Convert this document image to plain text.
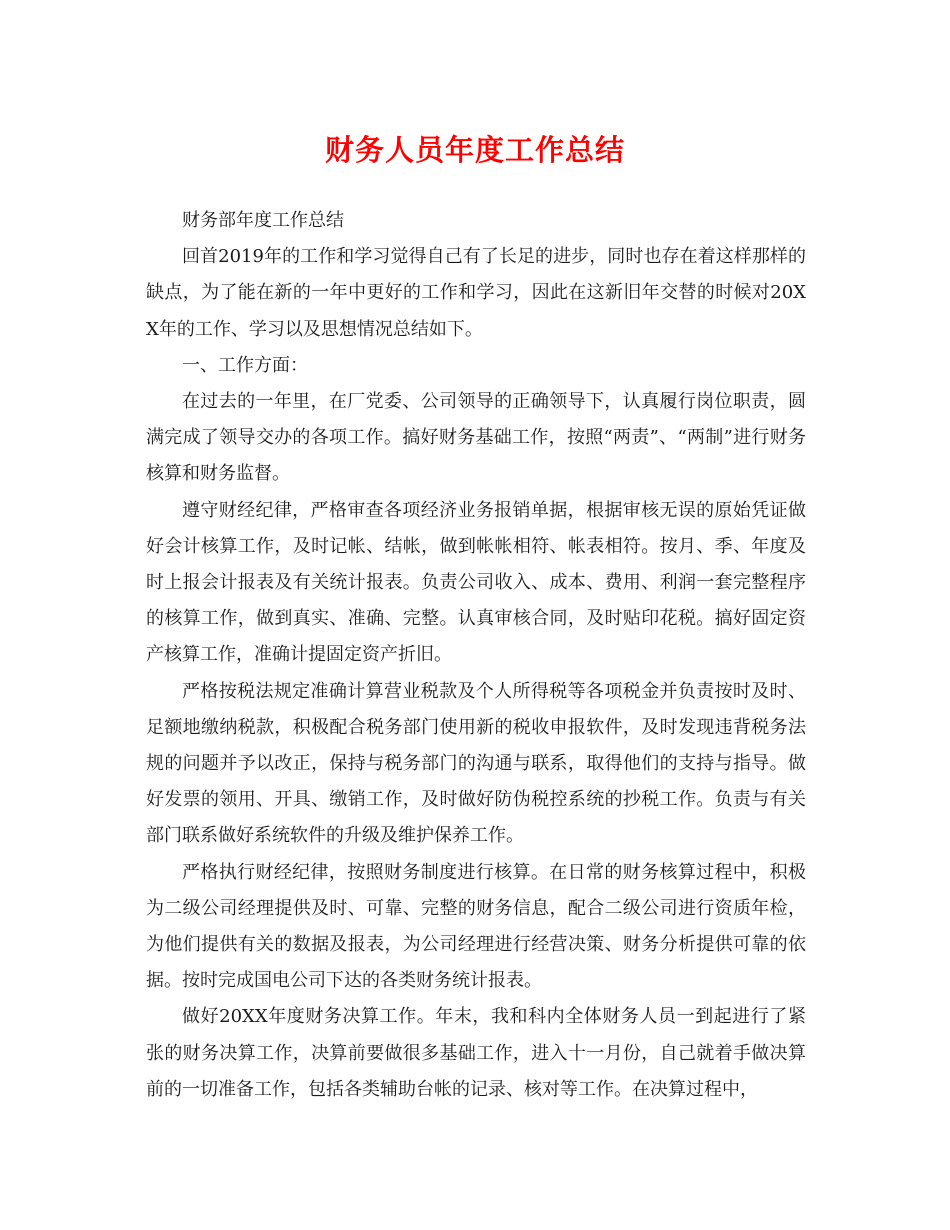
财务人员年度工作总结

财务部年度工作总结

回首2019年的工作和学习觉得自己有了长足的进步，同时也存在着这样那样的缺点，为了能在新的一年中更好的工作和学习，因此在这新旧年交替的时候对20XX年的工作、学习以及思想情况总结如下。

一、工作方面：

在过去的一年里，在厂党委、公司领导的正确领导下，认真履行岗位职责，圆满完成了领导交办的各项工作。搞好财务基础工作，按照“两责”、“两制”进行财务核算和财务监督。

遵守财经纪律，严格审查各项经济业务报销单据，根据审核无误的原始凭证做好会计核算工作，及时记帐、结帐，做到帐帐相符、帐表相符。按月、季、年度及时上报会计报表及有关统计报表。负责公司收入、成本、费用、利润一套完整程序的核算工作，做到真实、准确、完整。认真审核合同，及时贴印花税。搞好固定资产核算工作，准确计提固定资产折旧。

严格按税法规定准确计算营业税款及个人所得税等各项税金并负责按时及时、足额地缴纳税款，积极配合税务部门使用新的税收申报软件，及时发现违背税务法规的问题并予以改正，保持与税务部门的沟通与联系，取得他们的支持与指导。做好发票的领用、开具、缴销工作，及时做好防伪税控系统的抄税工作。负责与有关部门联系做好系统软件的升级及维护保养工作。

严格执行财经纪律，按照财务制度进行核算。在日常的财务核算过程中，积极为二级公司经理提供及时、可靠、完整的财务信息，配合二级公司进行资质年检，为他们提供有关的数据及报表，为公司经理进行经营决策、财务分析提供可靠的依据。按时完成国电公司下达的各类财务统计报表。

做好20XX年度财务决算工作。年末，我和科内全体财务人员一到起进行了紧张的财务决算工作，决算前要做很多基础工作，进入十一月份，自己就着手做决算前的一切准备工作，包括各类辅助台帐的记录、核对等工作。在决算过程中，
